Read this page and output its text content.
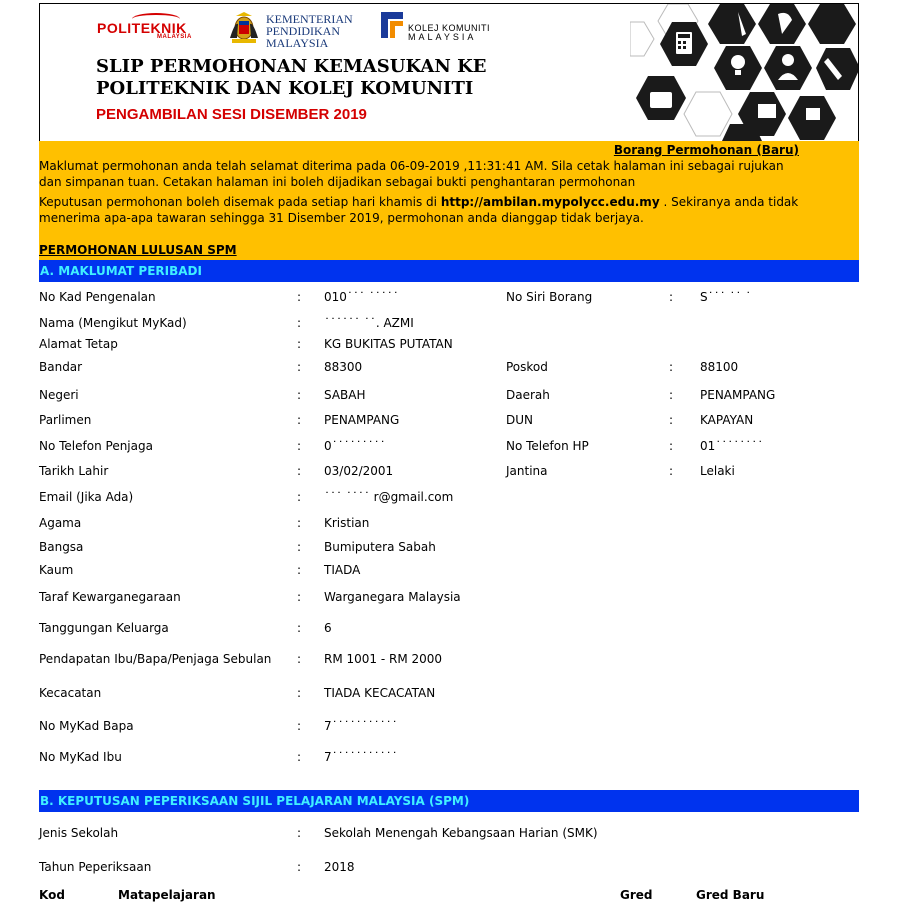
POLITEKNIK
MALAYSIA
KEMENTERIAN
PENDIDIKAN
MALAYSIA
KOLEJ KOMUNITI
MALAYSIA
SLIP PERMOHONAN KEMASUKAN KE
POLITEKNIK DAN KOLEJ KOMUNITI
PENGAMBILAN SESI DISEMBER 2019
Borang Permohonan (Baru)

Maklumat permohonan anda telah selamat diterima pada 06-09-2019 ,11:31:41 AM. Sila cetak halaman ini sebagai rujukan dan simpanan tuan. Cetakan halaman ini boleh dijadikan sebagai bukti penghantaran permohonan

Keputusan permohonan boleh disemak pada setiap hari khamis di http://ambilan.mypolycc.edu.my . Sekiranya anda tidak menerima apa-apa tawaran sehingga 31 Disember 2019, permohonan anda dianggap tidak berjaya.

PERMOHONAN LULUSAN SPM
A. MAKLUMAT PERIBADI
No Kad Pengenalan	: 010˙˙˙ ˙˙˙˙˙	No Siri Borang	: S˙˙˙ ˙˙ ˙
Nama (Mengikut MyKad)	: ˙˙˙˙˙˙ ˙˙. AZMI
Alamat Tetap	: KG BUKITAS PUTATAN
Bandar	: 88300	Poskod	: 88100
Negeri	: SABAH	Daerah	: PENAMPANG
Parlimen	: PENAMPANG	DUN	: KAPAYAN
No Telefon Penjaga	: 0˙˙˙˙˙˙˙˙˙	No Telefon HP	: 01˙˙˙˙˙˙˙˙
Tarikh Lahir	: 03/02/2001	Jantina	: Lelaki
Email (Jika Ada)	: ˙˙˙ ˙˙˙˙ r@gmail.com
Agama	: Kristian
Bangsa	: Bumiputera Sabah
Kaum	: TIADA
Taraf Kewarganegaraan	: Warganegara Malaysia
Tanggungan Keluarga	: 6
Pendapatan Ibu/Bapa/Penjaga Sebulan : RM 1001 - RM 2000
Kecacatan	: TIADA KECACATAN
No MyKad Bapa	: 7˙˙˙˙˙˙˙˙˙˙˙
No MyKad Ibu	: 7˙˙˙˙˙˙˙˙˙˙˙
B. KEPUTUSAN PEPERIKSAAN SIJIL PELAJARAN MALAYSIA (SPM)
Jenis Sekolah	: Sekolah Menengah Kebangsaan Harian (SMK)
Tahun Peperiksaan	: 2018
Kod	Matapelajaran	Gred	Gred Baru
